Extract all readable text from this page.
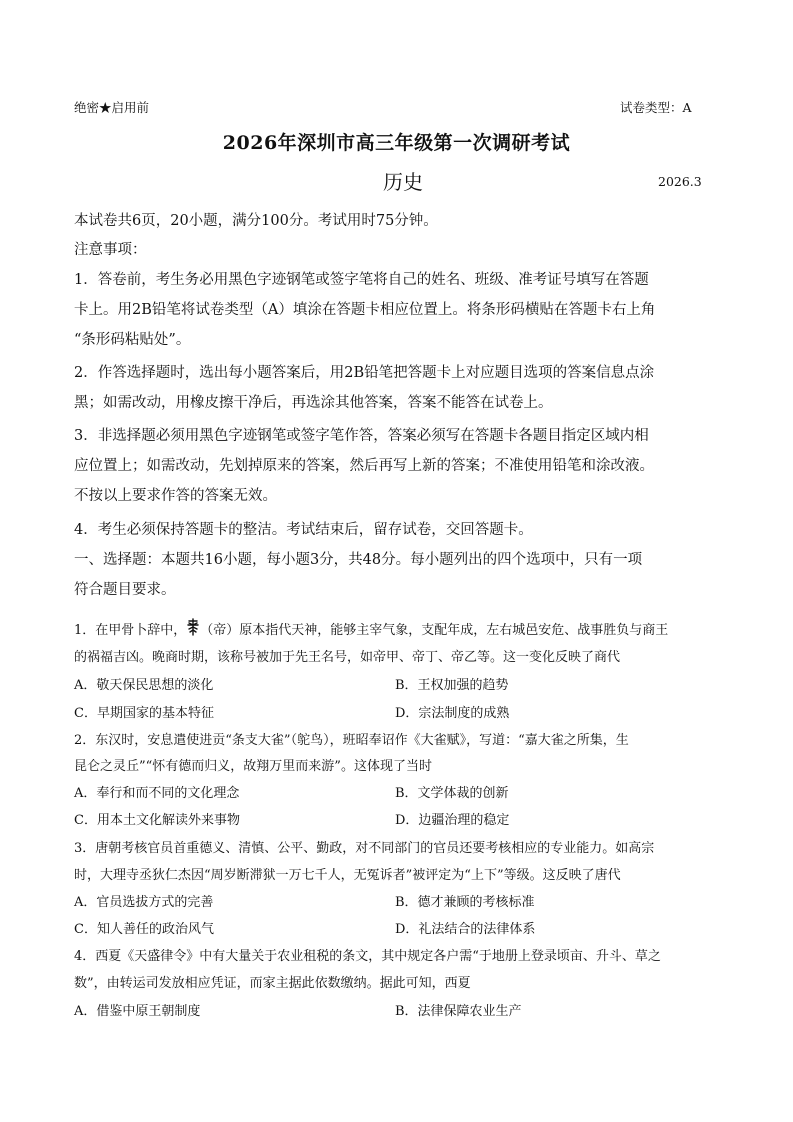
绝密★启用前	试卷类型：A
2026年深圳市高三年级第一次调研考试
历史	2026.3
本试卷共6页，20小题，满分100分。考试用时75分钟。
注意事项：
1．答卷前，考生务必用黑色字迹钢笔或签字笔将自己的姓名、班级、准考证号填写在答题
卡上。用2B铅笔将试卷类型（A）填涂在答题卡相应位置上。将条形码横贴在答题卡右上角
“条形码粘贴处”。
2．作答选择题时，选出每小题答案后，用2B铅笔把答题卡上对应题目选项的答案信息点涂
黑；如需改动，用橡皮擦干净后，再选涂其他答案，答案不能答在试卷上。
3．非选择题必须用黑色字迹钢笔或签字笔作答，答案必须写在答题卡各题目指定区域内相
应位置上；如需改动，先划掉原来的答案，然后再写上新的答案；不准使用铅笔和涂改液。
不按以上要求作答的答案无效。
4．考生必须保持答题卡的整洁。考试结束后，留存试卷，交回答题卡。
一、选择题：本题共16小题，每小题3分，共48分。每小题列出的四个选项中，只有一项
符合题目要求。
1．在甲骨卜辞中， （帝）原本指代天神，能够主宰气象，支配年成，左右城邑安危、战事胜负与商王
的祸福吉凶。晚商时期，该称号被加于先王名号，如帝甲、帝丁、帝乙等。这一变化反映了商代
A．敬天保民思想的淡化	B．王权加强的趋势
C．早期国家的基本特征	D．宗法制度的成熟
2．东汉时，安息遣使进贡“条支大雀”（鸵鸟），班昭奉诏作《大雀赋》，写道：“嘉大雀之所集，生
昆仑之灵丘”“怀有德而归义，故翔万里而来游”。这体现了当时
A．奉行和而不同的文化理念	B．文学体裁的创新
C．用本土文化解读外来事物	D．边疆治理的稳定
3．唐朝考核官员首重德义、清慎、公平、勤政，对不同部门的官员还要考核相应的专业能力。如高宗
时，大理寺丞狄仁杰因“周岁断滞狱一万七千人，无冤诉者”被评定为“上下”等级。这反映了唐代
A．官员选拔方式的完善	B．德才兼顾的考核标准
C．知人善任的政治风气	D．礼法结合的法律体系
4．西夏《天盛律令》中有大量关于农业租税的条文，其中规定各户需“于地册上登录顷亩、升斗、草之
数”，由转运司发放相应凭证，而家主据此依数缴纳。据此可知，西夏
A．借鉴中原王朝制度	B．法律保障农业生产
